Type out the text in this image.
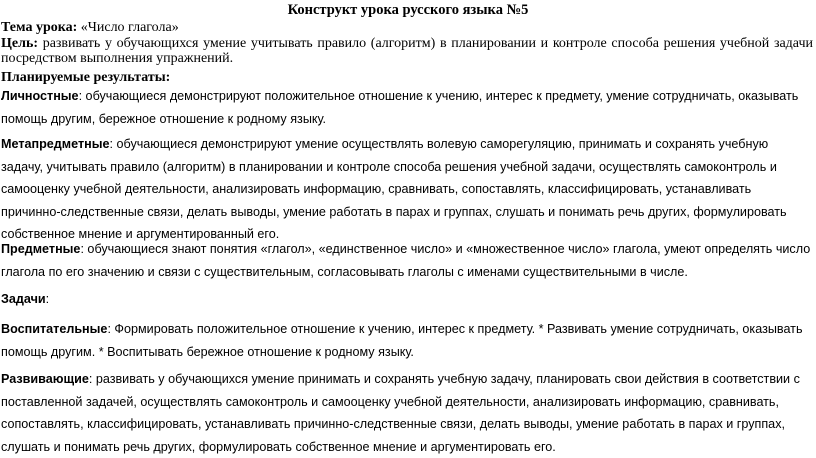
Конструкт урока русского языка №5
Тема урока: «Число глагола»
Цель: развивать у обучающихся умение учитывать правило (алгоритм) в планировании и контроле способа решения учебной задачи посредством выполнения упражнений.
Планируемые результаты:
Личностные: обучающиеся демонстрируют положительное отношение к учению, интерес к предмету, умение сотрудничать, оказывать помощь другим, бережное отношение к родному языку.
Метапредметные: обучающиеся демонстрируют умение осуществлять волевую саморегуляцию, принимать и сохранять учебную задачу, учитывать правило (алгоритм) в планировании и контроле способа решения учебной задачи, осуществлять самоконтроль и самооценку учебной деятельности, анализировать информацию, сравнивать, сопоставлять, классифицировать, устанавливать причинно-следственные связи, делать выводы, умение работать в парах и группах, слушать и понимать речь других, формулировать собственное мнение и аргументированный его.
Предметные: обучающиеся знают понятия «глагол», «единственное число» и «множественное число» глагола, умеют определять число глагола по его значению и связи с существительным, согласовывать глаголы с именами существительными в числе.
Задачи:
Воспитательные: Формировать положительное отношение к учению, интерес к предмету. * Развивать умение сотрудничать, оказывать помощь другим. * Воспитывать бережное отношение к родному языку.
Развивающие: развивать у обучающихся умение принимать и сохранять учебную задачу, планировать свои действия в соответствии с поставленной задачей, осуществлять самоконтроль и самооценку учебной деятельности, анализировать информацию, сравнивать, сопоставлять, классифицировать, устанавливать причинно-следственные связи, делать выводы, умение работать в парах и группах, слушать и понимать речь других, формулировать собственное мнение и аргументировать его.
